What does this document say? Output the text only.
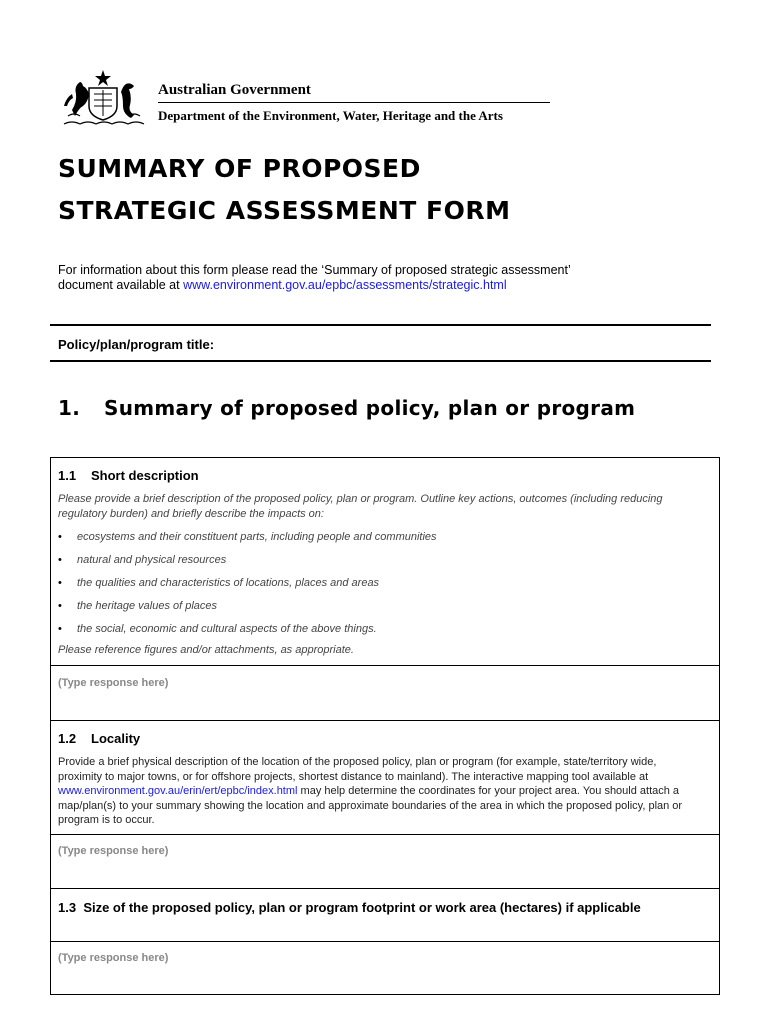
Australian Government
Department of the Environment, Water, Heritage and the Arts
SUMMARY OF PROPOSED
STRATEGIC ASSESSMENT FORM
For information about this form please read the ‘Summary of proposed strategic assessment’
document available at www.environment.gov.au/epbc/assessments/strategic.html
Policy/plan/program title:
1. Summary of proposed policy, plan or program
1.1 Short description
Please provide a brief description of the proposed policy, plan or program. Outline key actions, outcomes (including reducing regulatory burden) and briefly describe the impacts on:
• ecosystems and their constituent parts, including people and communities
• natural and physical resources
• the qualities and characteristics of locations, places and areas
• the heritage values of places
• the social, economic and cultural aspects of the above things.
Please reference figures and/or attachments, as appropriate.
(Type response here)
1.2 Locality
Provide a brief physical description of the location of the proposed policy, plan or program (for example, state/territory wide, proximity to major towns, or for offshore projects, shortest distance to mainland). The interactive mapping tool available at www.environment.gov.au/erin/ert/epbc/index.html may help determine the coordinates for your project area. You should attach a map/plan(s) to your summary showing the location and approximate boundaries of the area in which the proposed policy, plan or program is to occur.
(Type response here)
1.3 Size of the proposed policy, plan or program footprint or work area (hectares) if applicable
(Type response here)
